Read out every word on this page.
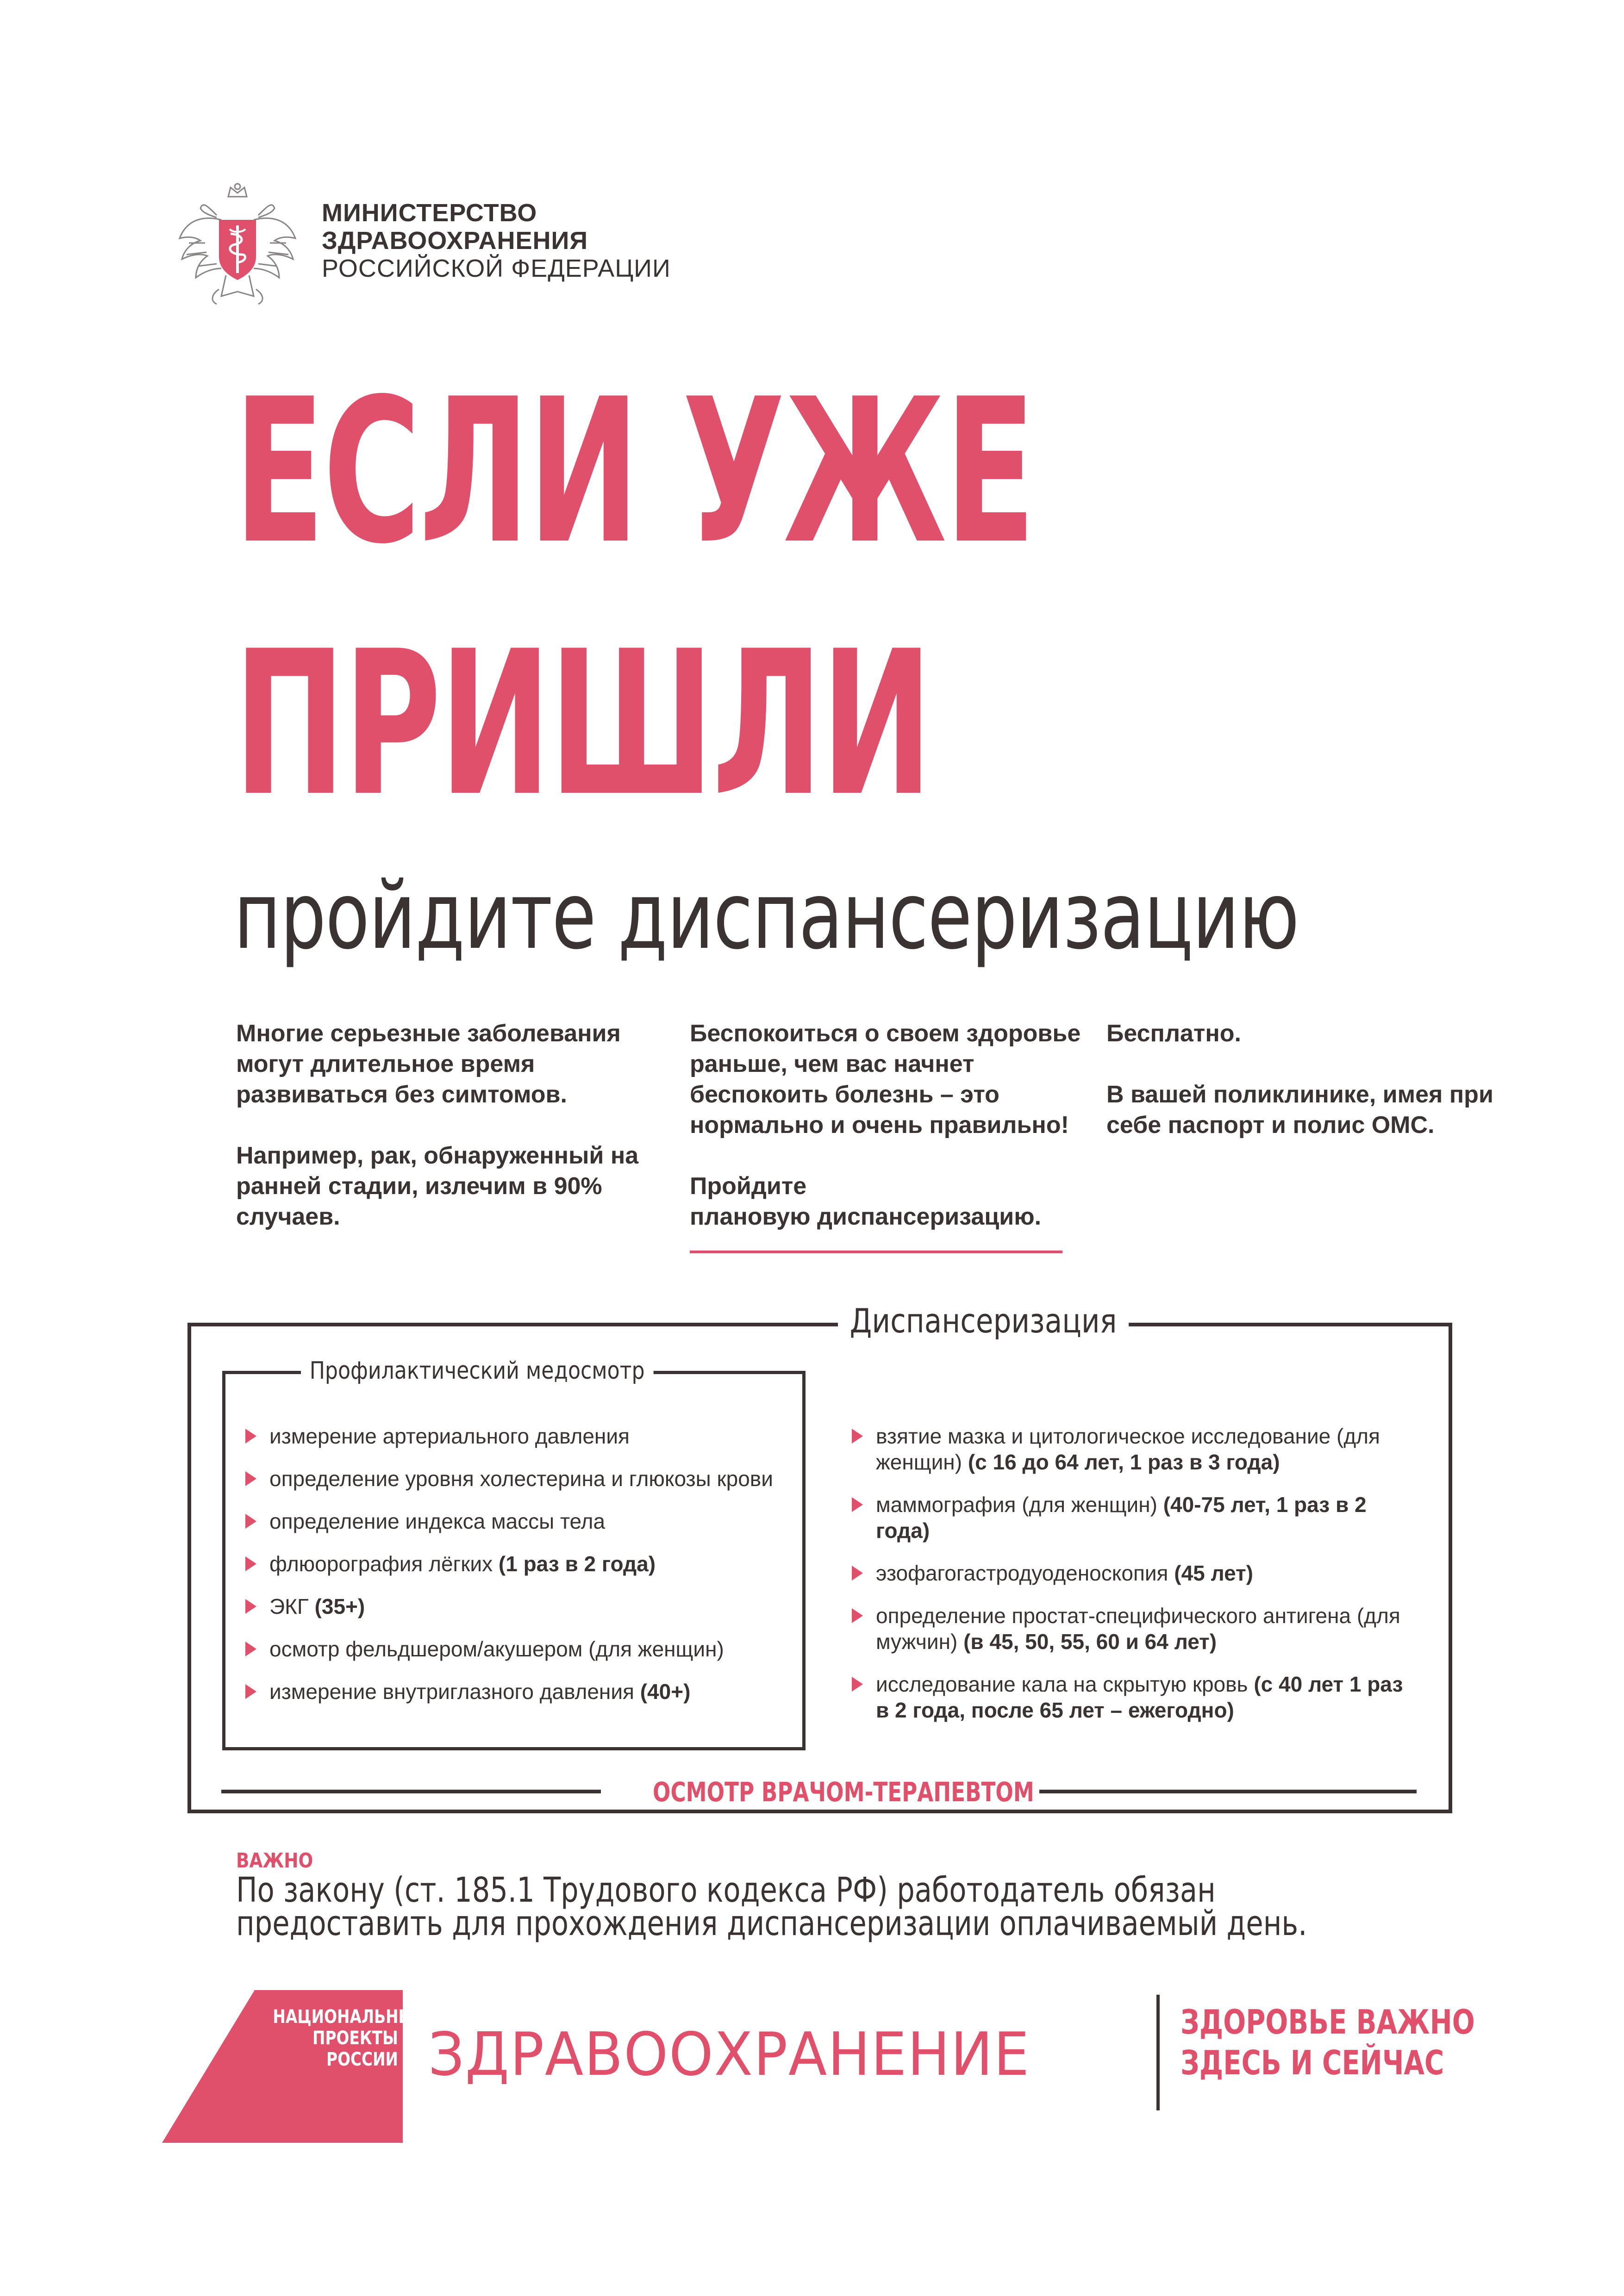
МИНИСТЕРСТВО
ЗДРАВООХРАНЕНИЯ
РОССИЙСКОЙ ФЕДЕРАЦИИ
ЕСЛИ УЖЕ
ПРИШЛИ
пройдите диспансеризацию

Многие серьезные заболевания могут длительное время развиваться без симтомов.

Например, рак, обнаруженный на ранней стадии, излечим в 90% случаев.

Беспокоиться о своем здоровье раньше, чем вас начнет беспокоить болезнь – это нормально и очень правильно!

Пройдите
плановую диспансеризацию.

Бесплатно.

В вашей поликлинике, имея при себе паспорт и полис ОМС.

Диспансеризация
Профилактический медосмотр
измерение артериального давления
определение уровня холестерина и глюкозы крови
определение индекса массы тела
флюорография лёгких (1 раз в 2 года)
ЭКГ (35+)
осмотр фельдшером/акушером (для женщин)
измерение внутриглазного давления (40+)
взятие мазка и цитологическое исследование (для женщин) (с 16 до 64 лет, 1 раз в 3 года)
маммография (для женщин) (40-75 лет, 1 раз в 2 года)
эзофагогастродуоденоскопия (45 лет)
определение простат-специфического антигена (для мужчин) (в 45, 50, 55, 60 и 64 лет)
исследование кала на скрытую кровь (с 40 лет 1 раз в 2 года, после 65 лет – ежегодно)
ОСМОТР ВРАЧОМ-ТЕРАПЕВТОМ
ВАЖНО
По закону (ст. 185.1 Трудового кодекса РФ) работодатель обязан
предоставить для прохождения диспансеризации оплачиваемый день.
НАЦИОНАЛЬНЫЕ
ПРОЕКТЫ
РОССИИ ЗДРАВООХРАНЕНИЕ	ЗДОРОВЬЕ ВАЖНО
ЗДЕСЬ И СЕЙЧАС
